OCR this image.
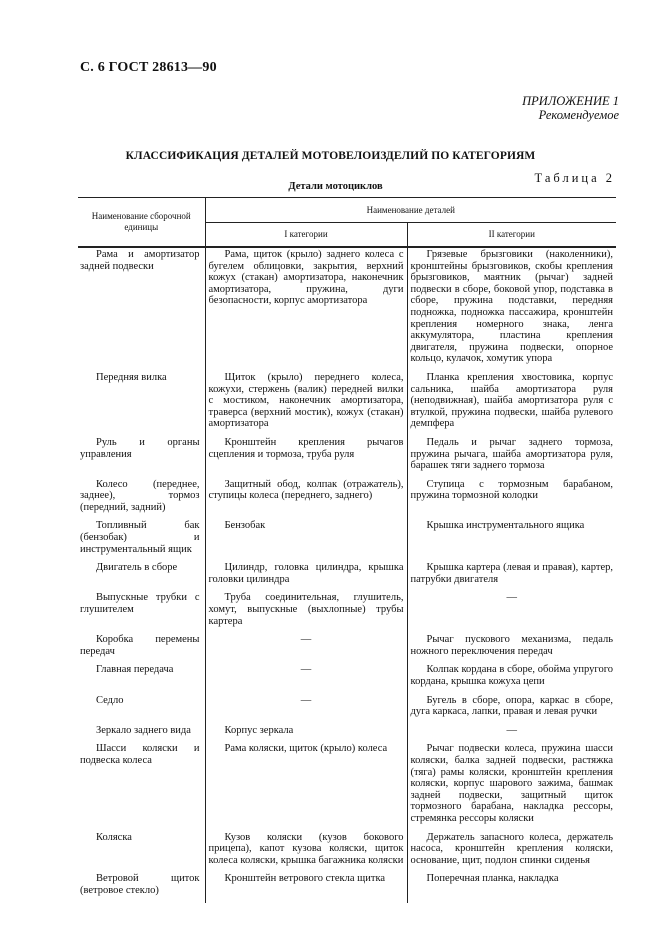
С. 6 ГОСТ 28613—90
ПРИЛОЖЕНИЕ 1
Рекомендуемое
КЛАССИФИКАЦИЯ ДЕТАЛЕЙ МОТОВЕЛОИЗДЕЛИЙ ПО КАТЕГОРИЯМ
Таблица 2
Детали мотоциклов
Наименование сборочной единицы	Наименование деталей	
	I категории	II категории
Рама и амортизатор задней подвески	Рама, щиток (крыло) заднего колеса с бугелем облицовки, закрытия, верхний кожух (стакан) амортизатора, наконечник амортизатора, пружина, дуги безопасности, корпус амортизатора	Грязевые брызговики (наколенники), кронштейны брызговиков, скобы крепления брызговиков, маятник (рычаг) задней подвески в сборе, боковой упор, подставка в сборе, пружина подставки, передняя подножка, подножка пассажира, кронштейн крепления номерного знака, ленга аккумулятора, пластина крепления двигателя, пружина подвески, опорное кольцо, кулачок, хомутик упора
Передняя вилка	Щиток (крыло) переднего колеса, кожухи, стержень (валик) передней вилки с мостиком, наконечник амортизатора, траверса (верхний мостик), кожух (стакан) амортизатора	Планка крепления хвостовика, корпус сальника, шайба амортизатора руля (неподвижная), шайба амортизатора руля с втулкой, пружина подвески, шайба рулевого демпфера
Руль и органы управления	Кронштейн крепления рычагов сцепления и тормоза, труба руля	Педаль и рычаг заднего тормоза, пружина рычага, шайба амортизатора руля, барашек тяги заднего тормоза
Колесо (переднее, заднее), тормоз (передний, задний)	Защитный обод, колпак (отражатель), ступицы колеса (переднего, заднего)	Ступица с тормозным барабаном, пружина тормозной колодки
Топливный бак (бензобак) и инструментальный ящик	Бензобак	Крышка инструментального ящика
Двигатель в сборе	Цилиндр, головка цилиндра, крышка головки цилиндра	Крышка картера (левая и правая), картер, патрубки двигателя
Выпускные трубки с глушителем	Труба соединительная, глушитель, хомут, выпускные (выхлопные) трубы картера	—
Коробка перемены передач	—	Рычаг пускового механизма, педаль ножного переключения передач
Главная передача	—	Колпак кордана в сборе, обойма упругого кордана, крышка кожуха цепи
Седло	—	Бугель в сборе, опора, каркас в сборе, дуга каркаса, лапки, правая и левая ручки
Зеркало заднего вида	Корпус зеркала	—
Шасси коляски и подвеска колеса	Рама коляски, щиток (крыло) колеса	Рычаг подвески колеса, пружина шасси коляски, балка задней подвески, растяжка (тяга) рамы коляски, кронштейн крепления коляски, корпус шарового зажима, башмак задней подвески, защитный щиток тормозного барабана, накладка рессоры, стремянка рессоры коляски
Коляска	Кузов коляски (кузов бокового прицепа), капот кузова коляски, щиток колеса коляски, крышка багажника коляски	Держатель запасного колеса, держатель насоса, кронштейн крепления коляски, основание, щит, подлон спинки сиденья
Ветровой щиток (ветровое стекло)	Кронштейн ветрового стекла щитка	Поперечная планка, накладка
